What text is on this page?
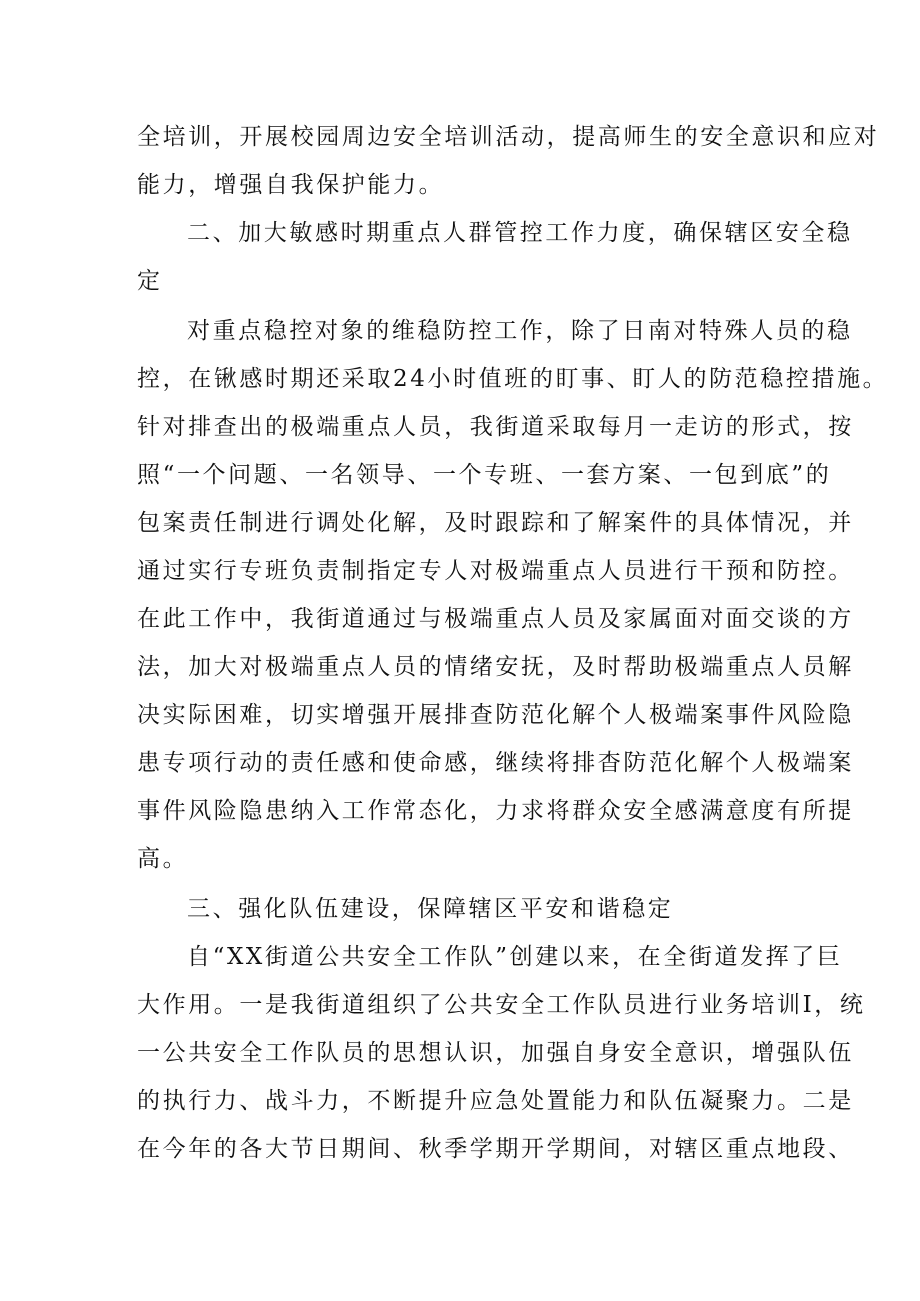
全培训，开展校园周边安全培训活动，提高师生的安全意识和应对
能力，增强自我保护能力。
二、加大敏感时期重点人群管控工作力度，确保辖区安全稳
定
对重点稳控对象的维稳防控工作，除了日南对特殊人员的稳
控，在锹感时期还采取24小时值班的盯事、盯人的防范稳控措施。
针对排查出的极端重点人员，我街道采取每月一走访的形式，按
照“一个问题、一名领导、一个专班、一套方案、一包到底”的
包案责任制进行调处化解，及时跟踪和了解案件的具体情况，并
通过实行专班负责制指定专人对极端重点人员进行干预和防控。
在此工作中，我街道通过与极端重点人员及家属面对面交谈的方
法，加大对极端重点人员的情绪安抚，及时帮助极端重点人员解
决实际困难，切实增强开展排查防范化解个人极端案事件风险隐
患专项行动的责任感和使命感，继续将排杳防范化解个人极端案
事件风险隐患纳入工作常态化，力求将群众安全感满意度有所提
高。
三、强化队伍建设，保障辖区平安和谐稳定
自“XX街道公共安全工作队”创建以来，在全街道发挥了巨
大作用。一是我街道组织了公共安全工作队员进行业务培训I，统
一公共安全工作队员的思想认识，加强自身安全意识，增强队伍
的执行力、战斗力，不断提升应急处置能力和队伍凝聚力。二是
在今年的各大节日期间、秋季学期开学期间，对辖区重点地段、
